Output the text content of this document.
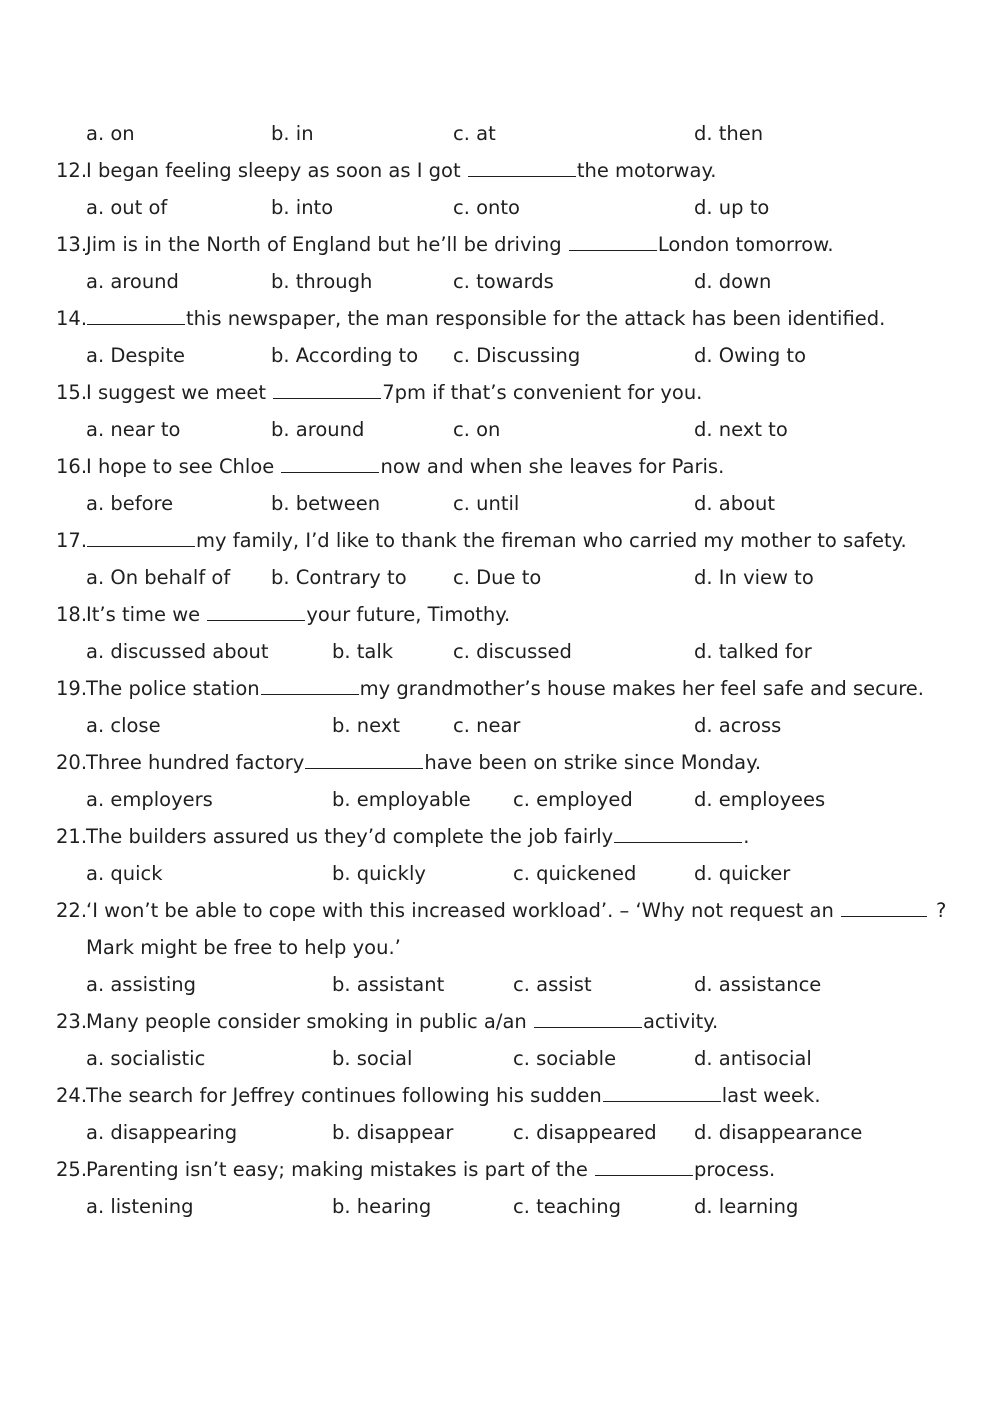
a. on	b. in	c. at	d. then
12.
I began feeling sleepy as soon as I got	the motorway.
a. out of	b. into	c. onto	d. up to
13.
Jim is in the North of England but he’ll be driving	London tomorrow.
a. around	b. through	c. towards	d. down
14.	this newspaper, the man responsible for the attack has been identified.
a. Despite	b. According to c. Discussing	d. Owing to
15.
I suggest we meet	7pm if that’s convenient for you.
a. near to	b. around	c. on	d. next to
16.
I hope to see Chloe	now and when she leaves for Paris.
a. before	b. between	c. until	d. about
17.	my family, I’d like to thank the fireman who carried my mother to safety.
a. On behalf of b. Contrary to c. Due to	d. In view to
18.
It’s time we	your future, Timothy.
a. discussed about	b. talk	c. discussed	d. talked for
19.
The police station	my grandmother’s house makes her feel safe and secure.
a. close	b. next	c. near	d. across
20.
Three hundred factory	have been on strike since Monday.
a. employers	b. employable c. employed	d. employees
21.
The builders assured us they’d complete the job fairly	.
a. quick	b. quickly	c. quickened	d. quicker
22.
‘I won’t be able to cope with this increased workload’. – ‘Why not request an	?
Mark might be free to help you.’
a. assisting	b. assistant	c. assist	d. assistance
23.
Many people consider smoking in public a/an	activity.
a. socialistic	b. social	c. sociable	d. antisocial
24.
The search for Jeffrey continues following his sudden	last week.
a. disappearing	b. disappear	c. disappeared d. disappearance
25.
Parenting isn’t easy; making mistakes is part of the	process.
a. listening	b. hearing	c. teaching	d. learning
